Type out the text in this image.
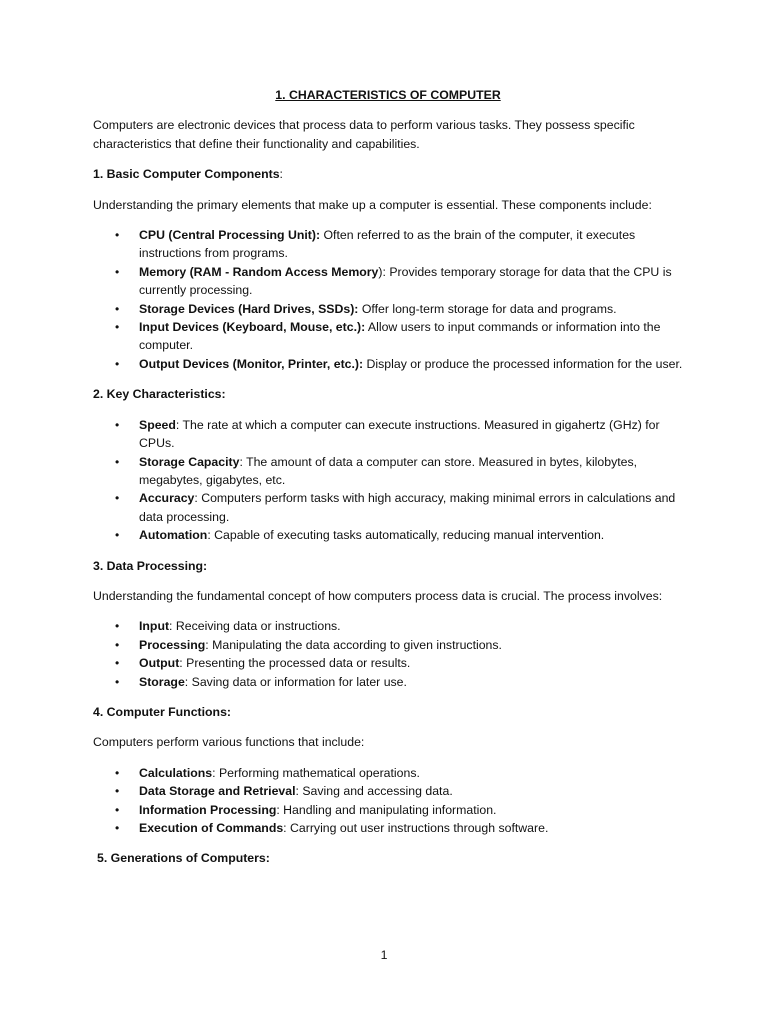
1. CHARACTERISTICS OF COMPUTER

Computers are electronic devices that process data to perform various tasks. They possess specific characteristics that define their functionality and capabilities.

1. Basic Computer Components:

Understanding the primary elements that make up a computer is essential. These components include:

• CPU (Central Processing Unit): Often referred to as the brain of the computer, it executes instructions from programs.
• Memory (RAM - Random Access Memory): Provides temporary storage for data that the CPU is currently processing.
• Storage Devices (Hard Drives, SSDs): Offer long-term storage for data and programs.
• Input Devices (Keyboard, Mouse, etc.): Allow users to input commands or information into the computer.
• Output Devices (Monitor, Printer, etc.): Display or produce the processed information for the user.
2. Key Characteristics:
• Speed: The rate at which a computer can execute instructions. Measured in gigahertz (GHz) for CPUs.
• Storage Capacity: The amount of data a computer can store. Measured in bytes, kilobytes, megabytes, gigabytes, etc.
• Accuracy: Computers perform tasks with high accuracy, making minimal errors in calculations and data processing.
• Automation: Capable of executing tasks automatically, reducing manual intervention.
3. Data Processing:

Understanding the fundamental concept of how computers process data is crucial. The process involves:

• Input: Receiving data or instructions.
• Processing: Manipulating the data according to given instructions.
• Output: Presenting the processed data or results.
• Storage: Saving data or information for later use.
4. Computer Functions:

Computers perform various functions that include:

• Calculations: Performing mathematical operations.
• Data Storage and Retrieval: Saving and accessing data.
• Information Processing: Handling and manipulating information.
• Execution of Commands: Carrying out user instructions through software.
5. Generations of Computers:
1
